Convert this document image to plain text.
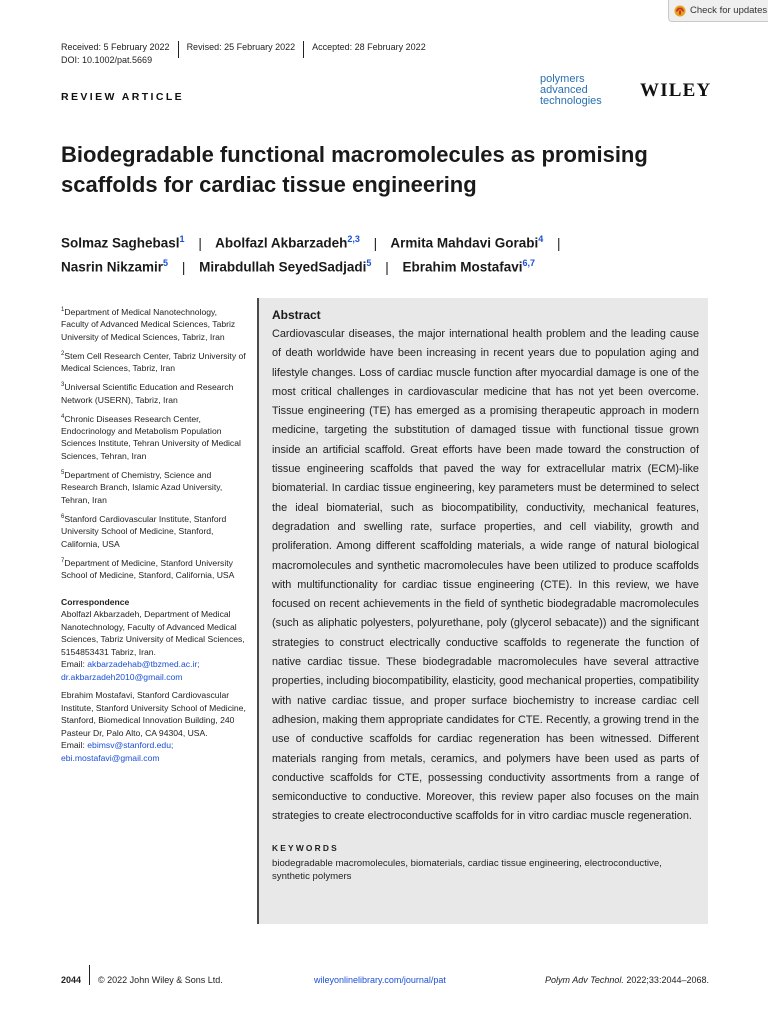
Check for updates
Received: 5 February 2022 Revised: 25 February 2022 Accepted: 28 February 2022
DOI: 10.1002/pat.5669
REVIEW ARTICLE
polymers
advanced
technologies WILEY
Biodegradable functional macromolecules as promising scaffolds for cardiac tissue engineering
Solmaz Saghebasl$^1$ | Abolfazl Akbarzadeh$^{2,3}$ | Armita Mahdavi Gorabi$^4$ |
Nasrin Nikzamir$^5$ | Mirabdullah SeyedSadjadi$^5$ | Ebrahim Mostafavi$^{6,7}$
$^1$Department of Medical Nanotechnology, Faculty of Advanced Medical Sciences, Tabriz University of Medical Sciences, Tabriz, Iran
$^2$Stem Cell Research Center, Tabriz University of Medical Sciences, Tabriz, Iran
$^3$Universal Scientific Education and Research Network (USERN), Tabriz, Iran
$^4$Chronic Diseases Research Center, Endocrinology and Metabolism Population Sciences Institute, Tehran University of Medical Sciences, Tehran, Iran
$^5$Department of Chemistry, Science and Research Branch, Islamic Azad University, Tehran, Iran
$^6$Stanford Cardiovascular Institute, Stanford University School of Medicine, Stanford, California, USA
$^7$Department of Medicine, Stanford University School of Medicine, Stanford, California, USA
Correspondence
Abolfazl Akbarzadeh, Department of Medical Nanotechnology, Faculty of Advanced Medical Sciences, Tabriz University of Medical Sciences, 5154853431 Tabriz, Iran.
Email: akbarzadehab@tbzmed.ac.ir; dr.akbarzadeh2010@gmail.com
Ebrahim Mostafavi, Stanford Cardiovascular Institute, Stanford University School of Medicine, Stanford, Biomedical Innovation Building, 240 Pasteur Dr, Palo Alto, CA 94304, USA.
Email: ebimsv@stanford.edu; ebi.mostafavi@gmail.com
Abstract
Cardiovascular diseases, the major international health problem and the leading cause of death worldwide have been increasing in recent years due to population aging and lifestyle changes. Loss of cardiac muscle function after myocardial damage is one of the most critical challenges in cardiovascular medicine that has not yet been overcome. Tissue engineering (TE) has emerged as a promising therapeutic approach in modern medicine, targeting the substitution of damaged tissue with functional tissue grown inside an artificial scaffold. Great efforts have been made toward the construction of tissue engineering scaffolds that paved the way for extracellular matrix (ECM)-like biomaterial. In cardiac tissue engineering, key parameters must be determined to select the ideal biomaterial, such as biocompatibility, conductivity, mechanical features, degradation and swelling rate, surface properties, and cell viability, growth and proliferation. Among different scaffolding materials, a wide range of natural biological macromolecules and synthetic macromolecules have been utilized to produce scaffolds with multifunctionality for cardiac tissue engineering (CTE). In this review, we have focused on recent achievements in the field of synthetic biodegradable macromolecules (such as aliphatic polyesters, polyurethane, poly (glycerol sebacate)) and the significant strategies to construct electrically conductive scaffolds to regenerate the function of native cardiac tissue. These biodegradable macromolecules have several attractive properties, including biocompatibility, elasticity, good mechanical properties, compatibility with native cardiac tissue, and proper surface biochemistry to increase cardiac cell adhesion, making them appropriate candidates for CTE. Recently, a growing trend in the use of conductive scaffolds for cardiac regeneration has been witnessed. Different materials ranging from metals, ceramics, and polymers have been used as parts of conductive scaffolds for CTE, possessing conductivity assortments from a range of semiconductive to conductive. Moreover, this review paper also focuses on the main strategies to create electroconductive scaffolds for in vitro cardiac muscle regeneration.
KEYWORDS
biodegradable macromolecules, biomaterials, cardiac tissue engineering, electroconductive, synthetic polymers
2044 © 2022 John Wiley & Sons Ltd.	wileyonlinelibrary.com/journal/pat	Polym Adv Technol. 2022;33:2044–2068.
